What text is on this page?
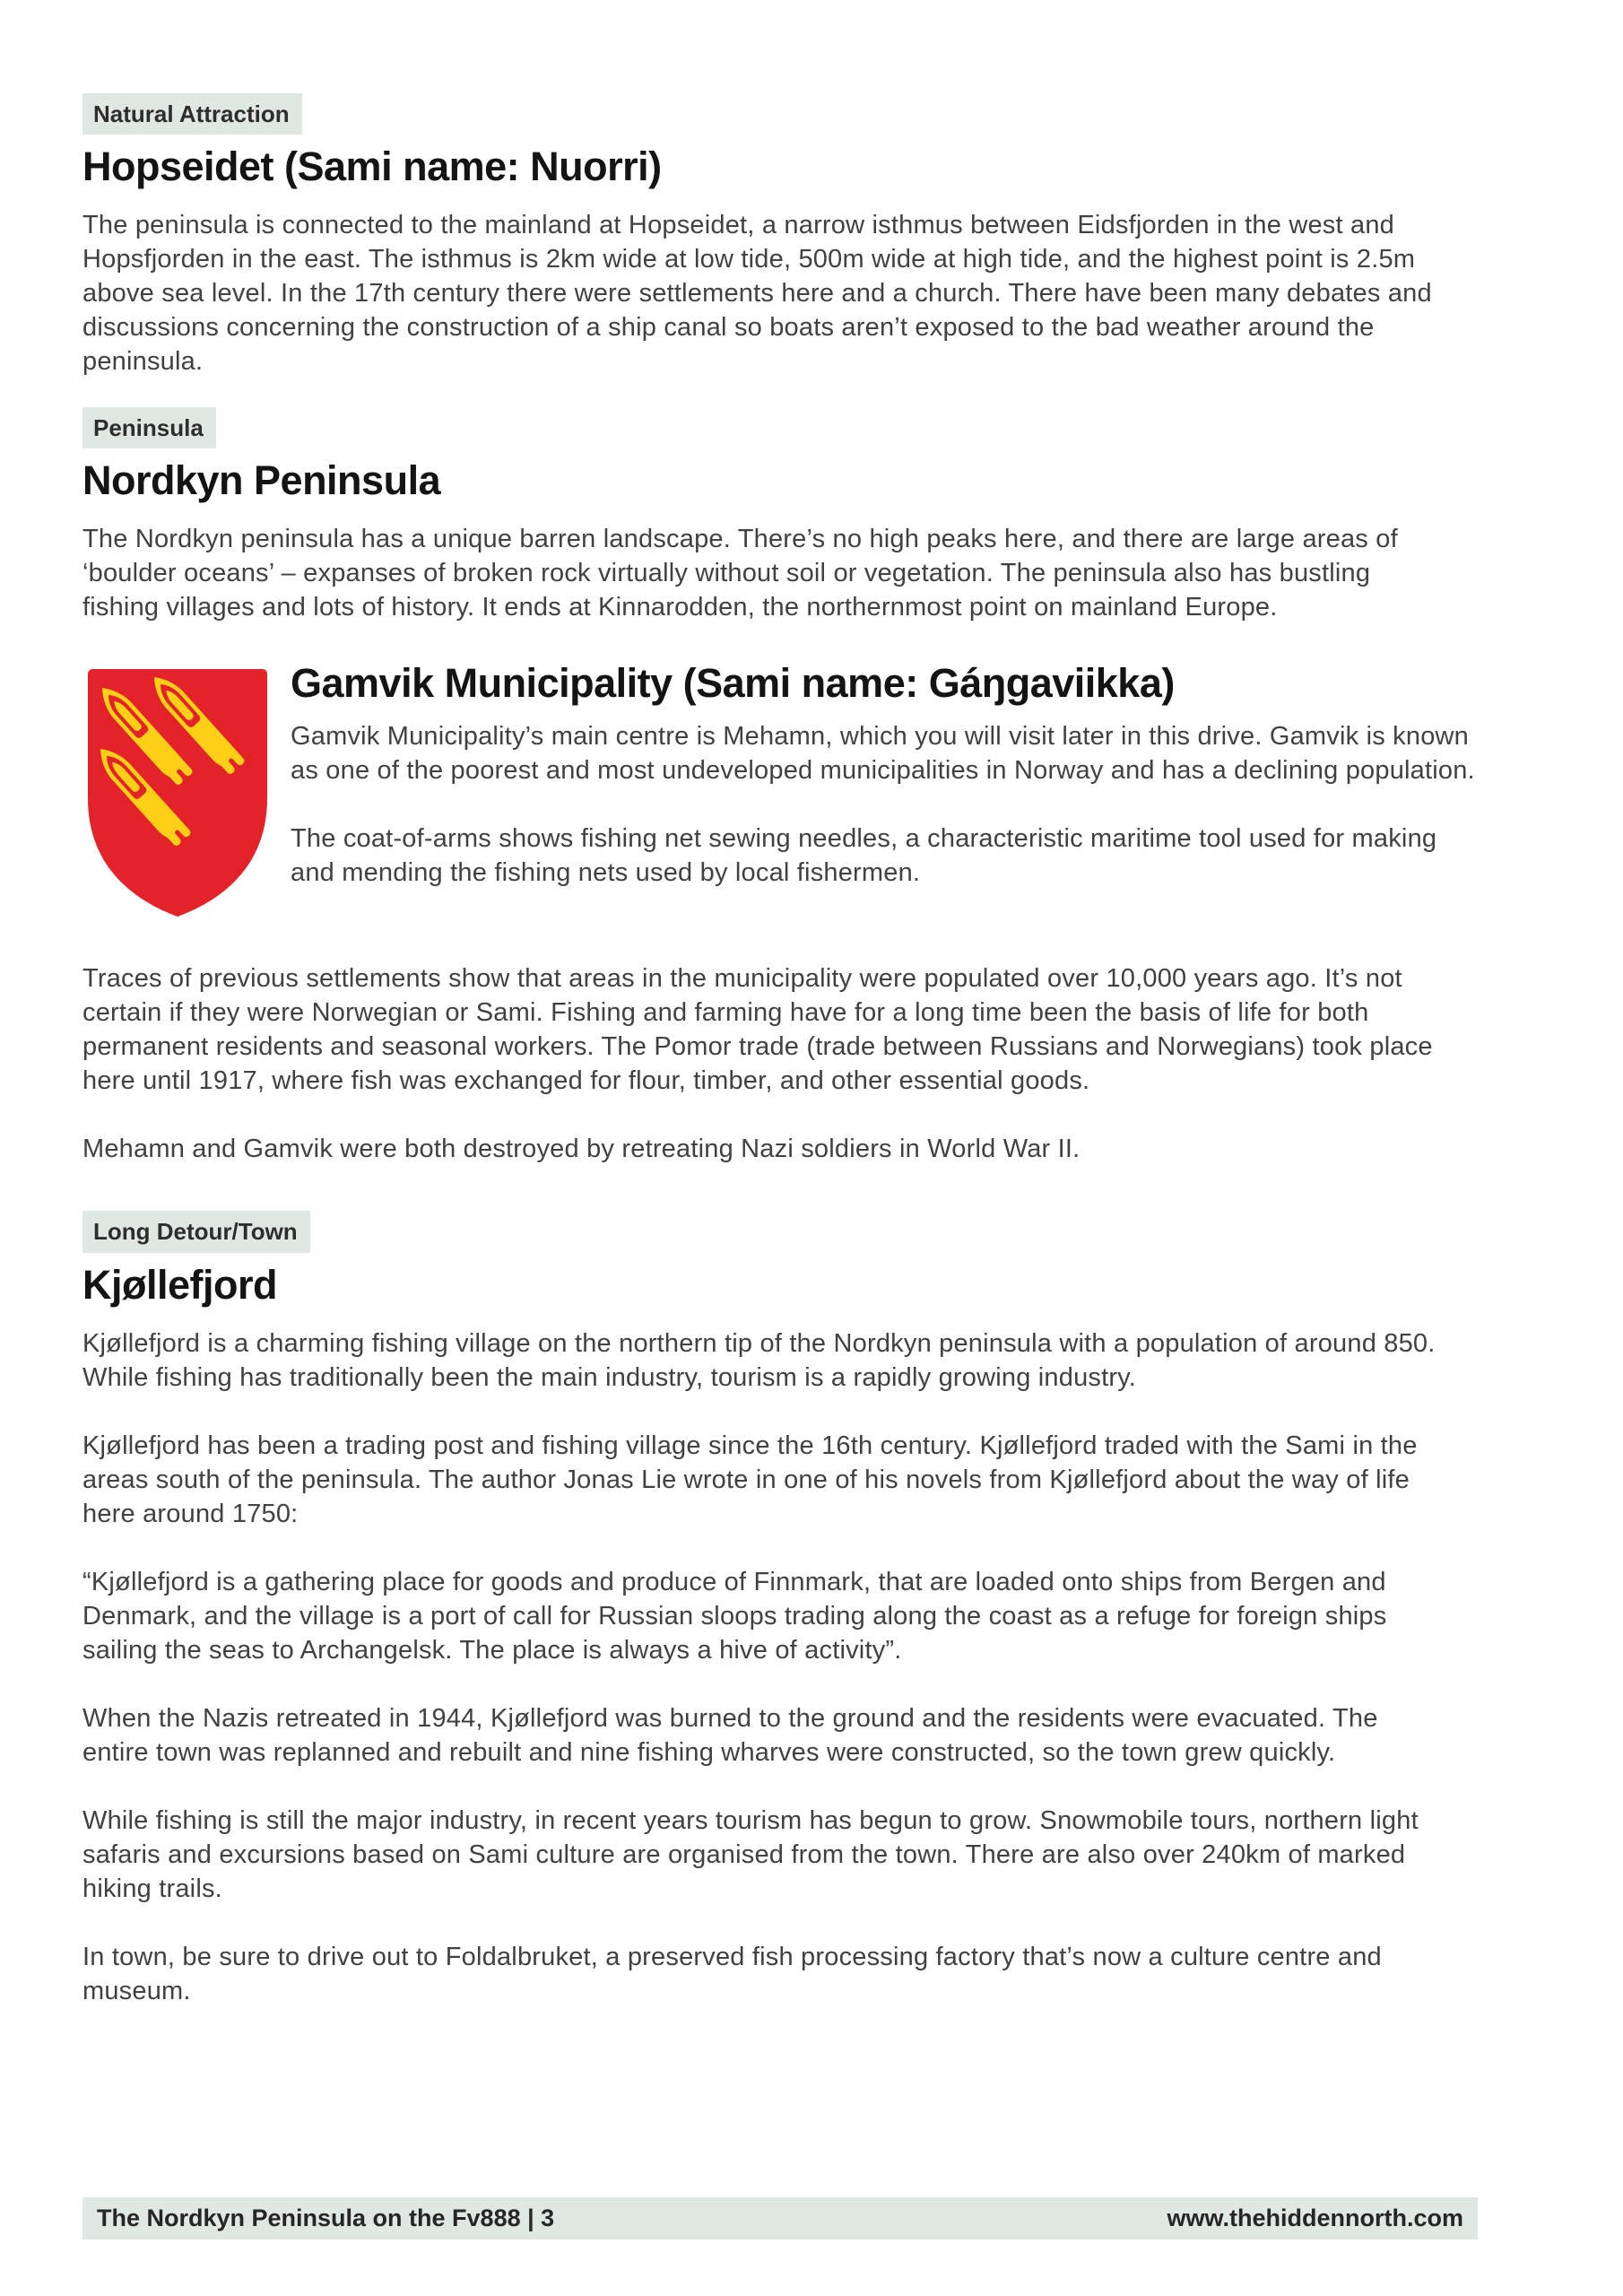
Natural Attraction
Hopseidet (Sami name: Nuorri)

The peninsula is connected to the mainland at Hopseidet, a narrow isthmus between Eidsfjorden in the west and Hopsfjorden in the east. The isthmus is 2km wide at low tide, 500m wide at high tide, and the highest point is 2.5m above sea level. In the 17th century there were settlements here and a church. There have been many debates and discussions concerning the construction of a ship canal so boats aren’t exposed to the bad weather around the peninsula.

Peninsula
Nordkyn Peninsula

The Nordkyn peninsula has a unique barren landscape. There’s no high peaks here, and there are large areas of ‘boulder oceans’ – expanses of broken rock virtually without soil or vegetation. The peninsula also has bustling fishing villages and lots of history. It ends at Kinnarodden, the northernmost point on mainland Europe.

Gamvik Municipality (Sami name: Gáŋgaviikka)

Gamvik Municipality’s main centre is Mehamn, which you will visit later in this drive. Gamvik is known as one of the poorest and most undeveloped municipalities in Norway and has a declining population.

The coat-of-arms shows fishing net sewing needles, a characteristic maritime tool used for making and mending the fishing nets used by local fishermen.

Traces of previous settlements show that areas in the municipality were populated over 10,000 years ago. It’s not certain if they were Norwegian or Sami. Fishing and farming have for a long time been the basis of life for both permanent residents and seasonal workers. The Pomor trade (trade between Russians and Norwegians) took place here until 1917, where fish was exchanged for flour, timber, and other essential goods.

Mehamn and Gamvik were both destroyed by retreating Nazi soldiers in World War II.

Long Detour/Town
Kjøllefjord

Kjøllefjord is a charming fishing village on the northern tip of the Nordkyn peninsula with a population of around 850. While fishing has traditionally been the main industry, tourism is a rapidly growing industry.

Kjøllefjord has been a trading post and fishing village since the 16th century. Kjøllefjord traded with the Sami in the areas south of the peninsula. The author Jonas Lie wrote in one of his novels from Kjøllefjord about the way of life here around 1750:

“Kjøllefjord is a gathering place for goods and produce of Finnmark, that are loaded onto ships from Bergen and Denmark, and the village is a port of call for Russian sloops trading along the coast as a refuge for foreign ships sailing the seas to Archangelsk. The place is always a hive of activity”.

When the Nazis retreated in 1944, Kjøllefjord was burned to the ground and the residents were evacuated. The entire town was replanned and rebuilt and nine fishing wharves were constructed, so the town grew quickly.

While fishing is still the major industry, in recent years tourism has begun to grow. Snowmobile tours, northern light safaris and excursions based on Sami culture are organised from the town. There are also over 240km of marked hiking trails.

In town, be sure to drive out to Foldalbruket, a preserved fish processing factory that’s now a culture centre and museum.

The Nordkyn Peninsula on the Fv888 | 3	www.thehiddennorth.com
